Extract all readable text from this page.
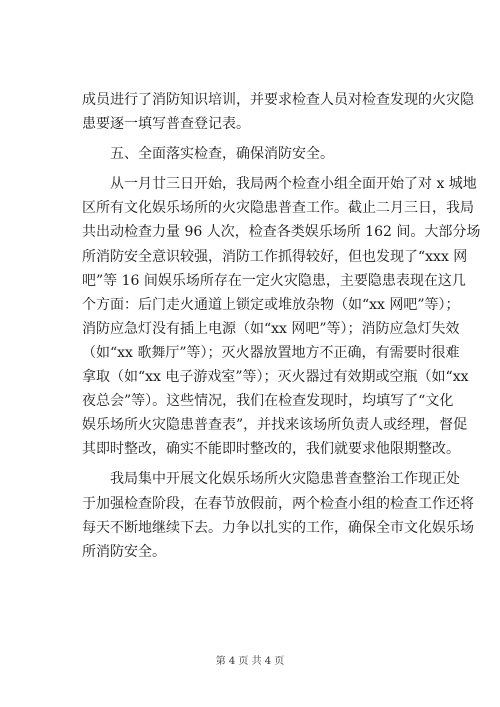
成员进行了消防知识培训，并要求检查人员对检查发现的火灾隐
患要逐一填写普查登记表。
五、全面落实检查，确保消防安全。
从一月廿三日开始，我局两个检查小组全面开始了对 x 城地
区所有文化娱乐场所的火灾隐患普查工作。截止二月三日，我局
共出动检查力量 96 人次，检查各类娱乐场所 162 间。大部分场
所消防安全意识较强，消防工作抓得较好，但也发现了“xxx 网
吧”等 16 间娱乐场所存在一定火灾隐患，主要隐患表现在这几
个方面：后门走火通道上锁定或堆放杂物（如“xx 网吧”等）；
消防应急灯没有插上电源（如“xx 网吧”等）；消防应急灯失效
（如“xx 歌舞厅”等）；灭火器放置地方不正确，有需要时很难
拿取（如“xx 电子游戏室”等）；灭火器过有效期或空瓶（如“xx
夜总会”等）。这些情况，我们在检查发现时，均填写了“文化
娱乐场所火灾隐患普查表”，并找来该场所负责人或经理，督促
其即时整改，确实不能即时整改的，我们就要求他限期整改。
我局集中开展文化娱乐场所火灾隐患普查整治工作现正处
于加强检查阶段，在春节放假前，两个检查小组的检查工作还将
每天不断地继续下去。力争以扎实的工作，确保全市文化娱乐场
所消防安全。
第 4 页 共 4 页
